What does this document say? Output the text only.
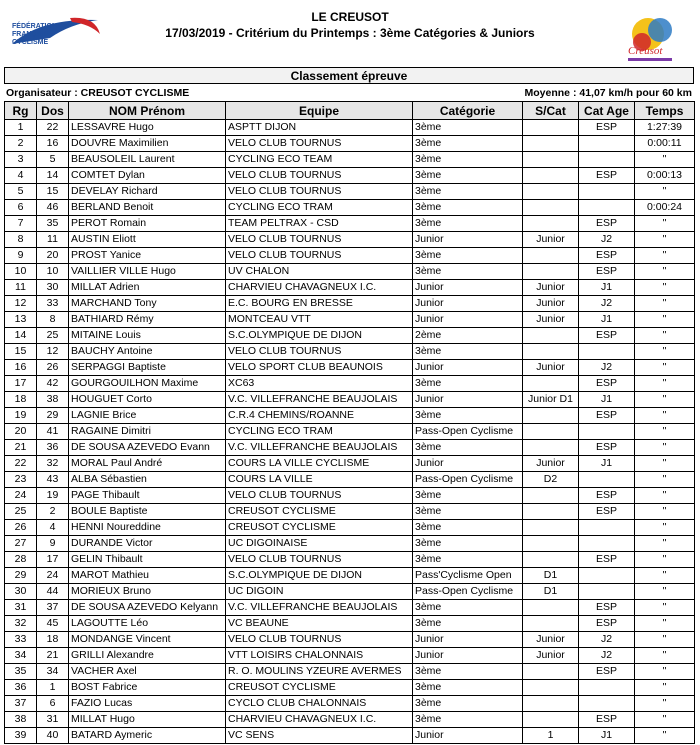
FÉDÉRATION
FRANÇAISE
CYCLISME
LE CREUSOT
17/03/2019 - Critérium du Printemps : 3ème Catégories & Juniors
Creusot
Classement épreuve
Organisateur : CREUSOT CYCLISME	Moyenne : 41,07 km/h pour 60 km
Rg	Dos	NOM Prénom	Equipe	Catégorie	S/Cat	Cat Age	Temps
1	22	LESSAVRE Hugo	ASPTT DIJON	3ème		ESP	1:27:39
2	16	DOUVRE Maximilien	VELO CLUB TOURNUS	3ème			0:00:11
3	5	BEAUSOLEIL Laurent	CYCLING ECO TEAM	3ème			"
4	14	COMTET Dylan	VELO CLUB TOURNUS	3ème		ESP	0:00:13
5	15	DEVELAY Richard	VELO CLUB TOURNUS	3ème			"
6	46	BERLAND Benoit	CYCLING ECO TRAM	3ème			0:00:24
7	35	PEROT Romain	TEAM PELTRAX - CSD	3ème		ESP	"
8	11	AUSTIN Eliott	VELO CLUB TOURNUS	Junior	Junior	J2	"
9	20	PROST Yanice	VELO CLUB TOURNUS	3ème		ESP	"
10	10	VAILLIER VILLE Hugo	UV CHALON	3ème		ESP	"
11	30	MILLAT Adrien	CHARVIEU CHAVAGNEUX I.C.	Junior	Junior	J1	"
12	33	MARCHAND Tony	E.C. BOURG EN BRESSE	Junior	Junior	J2	"
13	8	BATHIARD Rémy	MONTCEAU VTT	Junior	Junior	J1	"
14	25	MITAINE Louis	S.C.OLYMPIQUE DE DIJON	2ème		ESP	"
15	12	BAUCHY Antoine	VELO CLUB TOURNUS	3ème			"
16	26	SERPAGGI Baptiste	VELO SPORT CLUB BEAUNOIS	Junior	Junior	J2	"
17	42	GOURGOUILHON Maxime	XC63	3ème		ESP	"
18	38	HOUGUET Corto	V.C. VILLEFRANCHE BEAUJOLAIS	Junior	Junior D1	J1	"
19	29	LAGNIE Brice	C.R.4 CHEMINS/ROANNE	3ème		ESP	"
20	41	RAGAINE Dimitri	CYCLING ECO TRAM	Pass-Open Cyclisme			"
21	36	DE SOUSA AZEVEDO Evann	V.C. VILLEFRANCHE BEAUJOLAIS	3ème		ESP	"
22	32	MORAL Paul André	COURS LA VILLE CYCLISME	Junior	Junior	J1	"
23	43	ALBA Sébastien	COURS LA VILLE	Pass-Open Cyclisme	D2		"
24	19	PAGE Thibault	VELO CLUB TOURNUS	3ème		ESP	"
25	2	BOULE Baptiste	CREUSOT CYCLISME	3ème		ESP	"
26	4	HENNI Noureddine	CREUSOT CYCLISME	3ème			"
27	9	DURANDE Victor	UC DIGOINAISE	3ème			"
28	17	GELIN Thibault	VELO CLUB TOURNUS	3ème		ESP	"
29	24	MAROT Mathieu	S.C.OLYMPIQUE DE DIJON	Pass'Cyclisme Open	D1		"
30	44	MORIEUX Bruno	UC DIGOIN	Pass-Open Cyclisme	D1		"
31	37	DE SOUSA AZEVEDO Kelyann	V.C. VILLEFRANCHE BEAUJOLAIS	3ème		ESP	"
32	45	LAGOUTTE Léo	VC BEAUNE	3ème		ESP	"
33	18	MONDANGE Vincent	VELO CLUB TOURNUS	Junior	Junior	J2	"
34	21	GRILLI Alexandre	VTT LOISIRS CHALONNAIS	Junior	Junior	J2	"
35	34	VACHER Axel	R. O. MOULINS YZEURE AVERMES	3ème		ESP	"
36	1	BOST Fabrice	CREUSOT CYCLISME	3ème			"
37	6	FAZIO Lucas	CYCLO CLUB CHALONNAIS	3ème			"
38	31	MILLAT Hugo	CHARVIEU CHAVAGNEUX I.C.	3ème		ESP	"
39	40	BATARD Aymeric	VC SENS	Junior	1	J1	"
